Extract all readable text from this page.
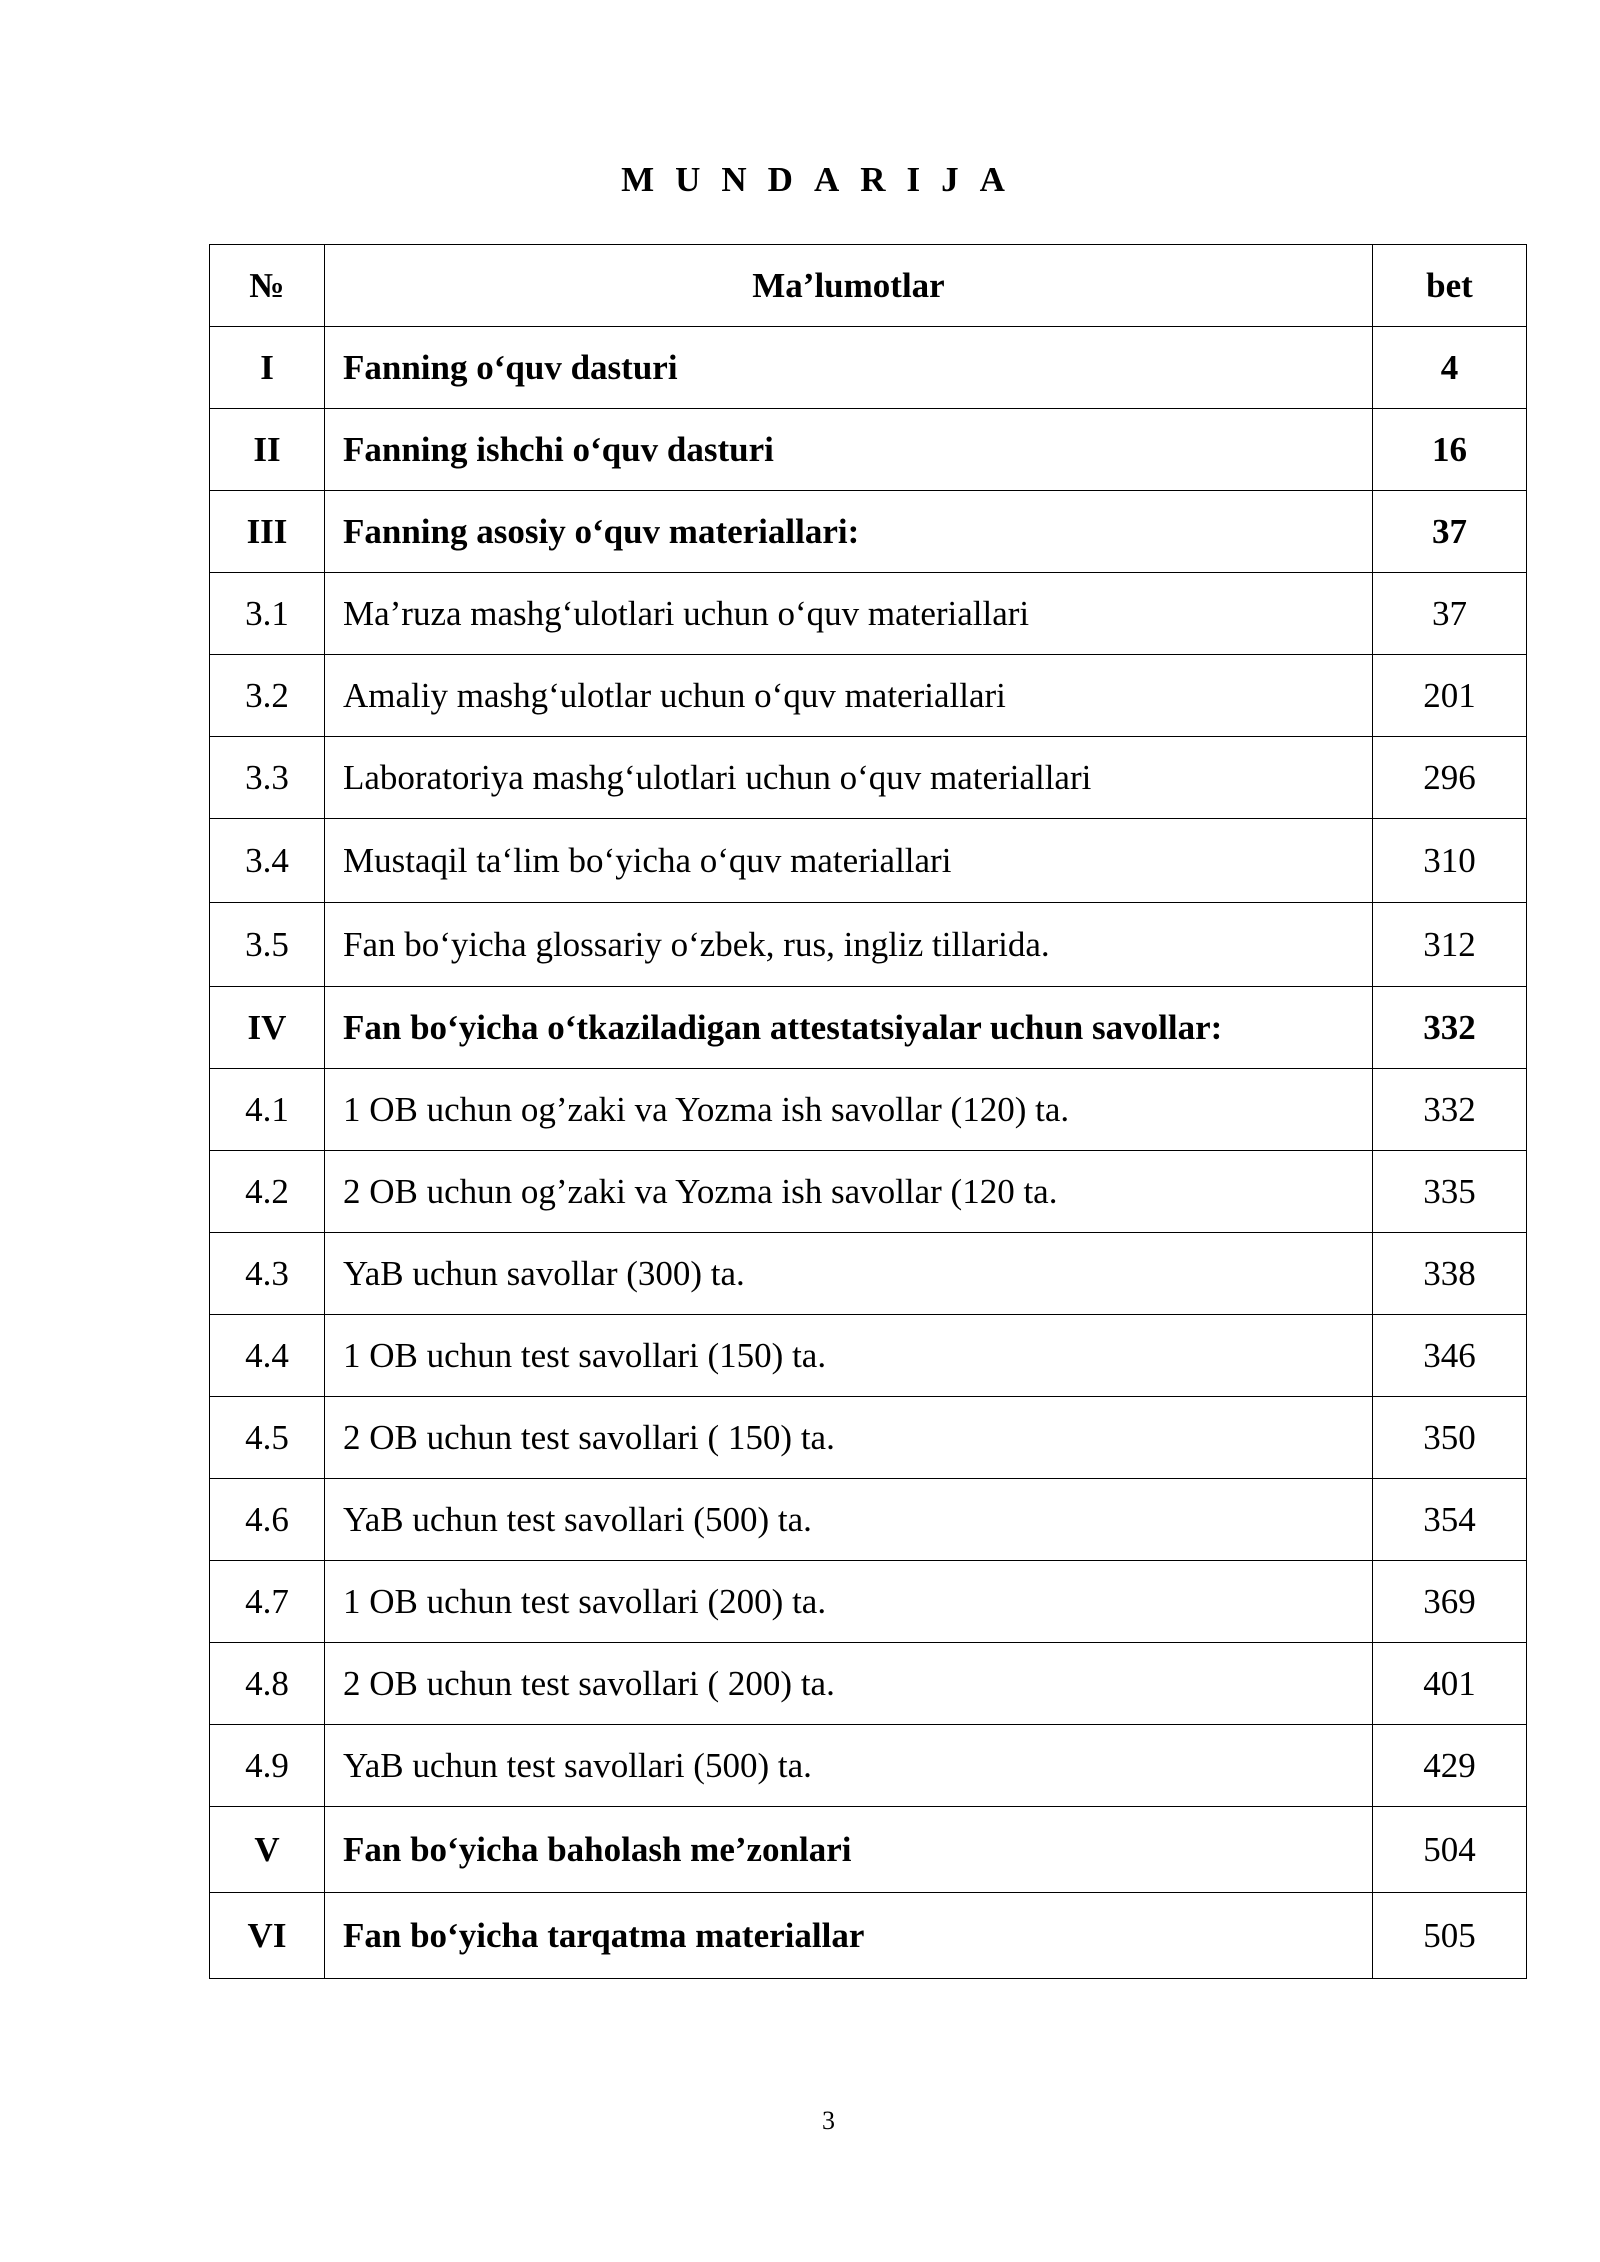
MUNDARIJA
№	Ma’lumotlar	bet
I	Fanning o‘quv dasturi	4
II	Fanning ishchi o‘quv dasturi	16
III	Fanning asosiy o‘quv materiallari:	37
3.1	Ma’ruza mashg‘ulotlari uchun o‘quv materiallari	37
3.2	Amaliy mashg‘ulotlar uchun o‘quv materiallari	201
3.3	Laboratoriya mashg‘ulotlari uchun o‘quv materiallari	296
3.4	Mustaqil ta‘lim bo‘yicha o‘quv materiallari	310
3.5	Fan bo‘yicha glossariy o‘zbek, rus, ingliz tillarida.	312
IV	Fan bo‘yicha o‘tkaziladigan attestatsiyalar uchun savollar:	332
4.1	1 OB uchun og’zaki va Yozma ish savollar (120) ta.	332
4.2	2 OB uchun og’zaki va Yozma ish savollar (120 ta.	335
4.3	YaB uchun savollar (300) ta.	338
4.4	1 OB uchun test savollari (150) ta.	346
4.5	2 OB uchun test savollari ( 150) ta.	350
4.6	YaB uchun test savollari (500) ta.	354
4.7	1 OB uchun test savollari (200) ta.	369
4.8	2 OB uchun test savollari ( 200) ta.	401
4.9	YaB uchun test savollari (500) ta.	429
V	Fan bo‘yicha baholash me’zonlari	504
VI	Fan bo‘yicha tarqatma materiallar	505
3
